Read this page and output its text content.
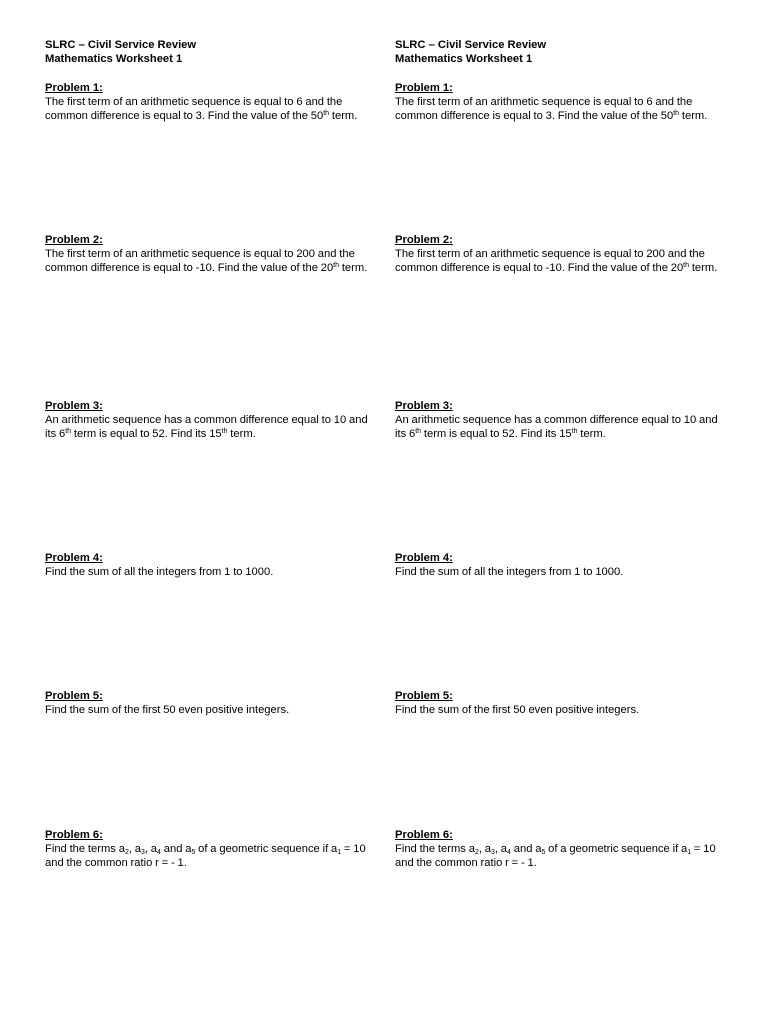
SLRC – Civil Service Review
Mathematics Worksheet 1
Problem 1:
The first term of an arithmetic sequence is equal to 6 and the common difference is equal to 3. Find the value of the 50th term.
Problem 2:
The first term of an arithmetic sequence is equal to 200 and the common difference is equal to -10. Find the value of the 20th term.
Problem 3:
An arithmetic sequence has a common difference equal to 10 and its 6th term is equal to 52. Find its 15th term.
Problem 4:
Find the sum of all the integers from 1 to 1000.
Problem 5:
Find the sum of the first 50 even positive integers.
Problem 6:
Find the terms $a_2$, $a_3$, $a_4$ and $a_5$ of a geometric sequence if $a_1 = 10$ and the common ratio r = - 1.
SLRC – Civil Service Review
Mathematics Worksheet 1
Problem 1:
The first term of an arithmetic sequence is equal to 6 and the common difference is equal to 3. Find the value of the 50th term.
Problem 2:
The first term of an arithmetic sequence is equal to 200 and the common difference is equal to -10. Find the value of the 20th term.
Problem 3:
An arithmetic sequence has a common difference equal to 10 and its 6th term is equal to 52. Find its 15th term.
Problem 4:
Find the sum of all the integers from 1 to 1000.
Problem 5:
Find the sum of the first 50 even positive integers.
Problem 6:
Find the terms $a_2$, $a_3$, $a_4$ and $a_5$ of a geometric sequence if $a_1 = 10$ and the common ratio r = - 1.
